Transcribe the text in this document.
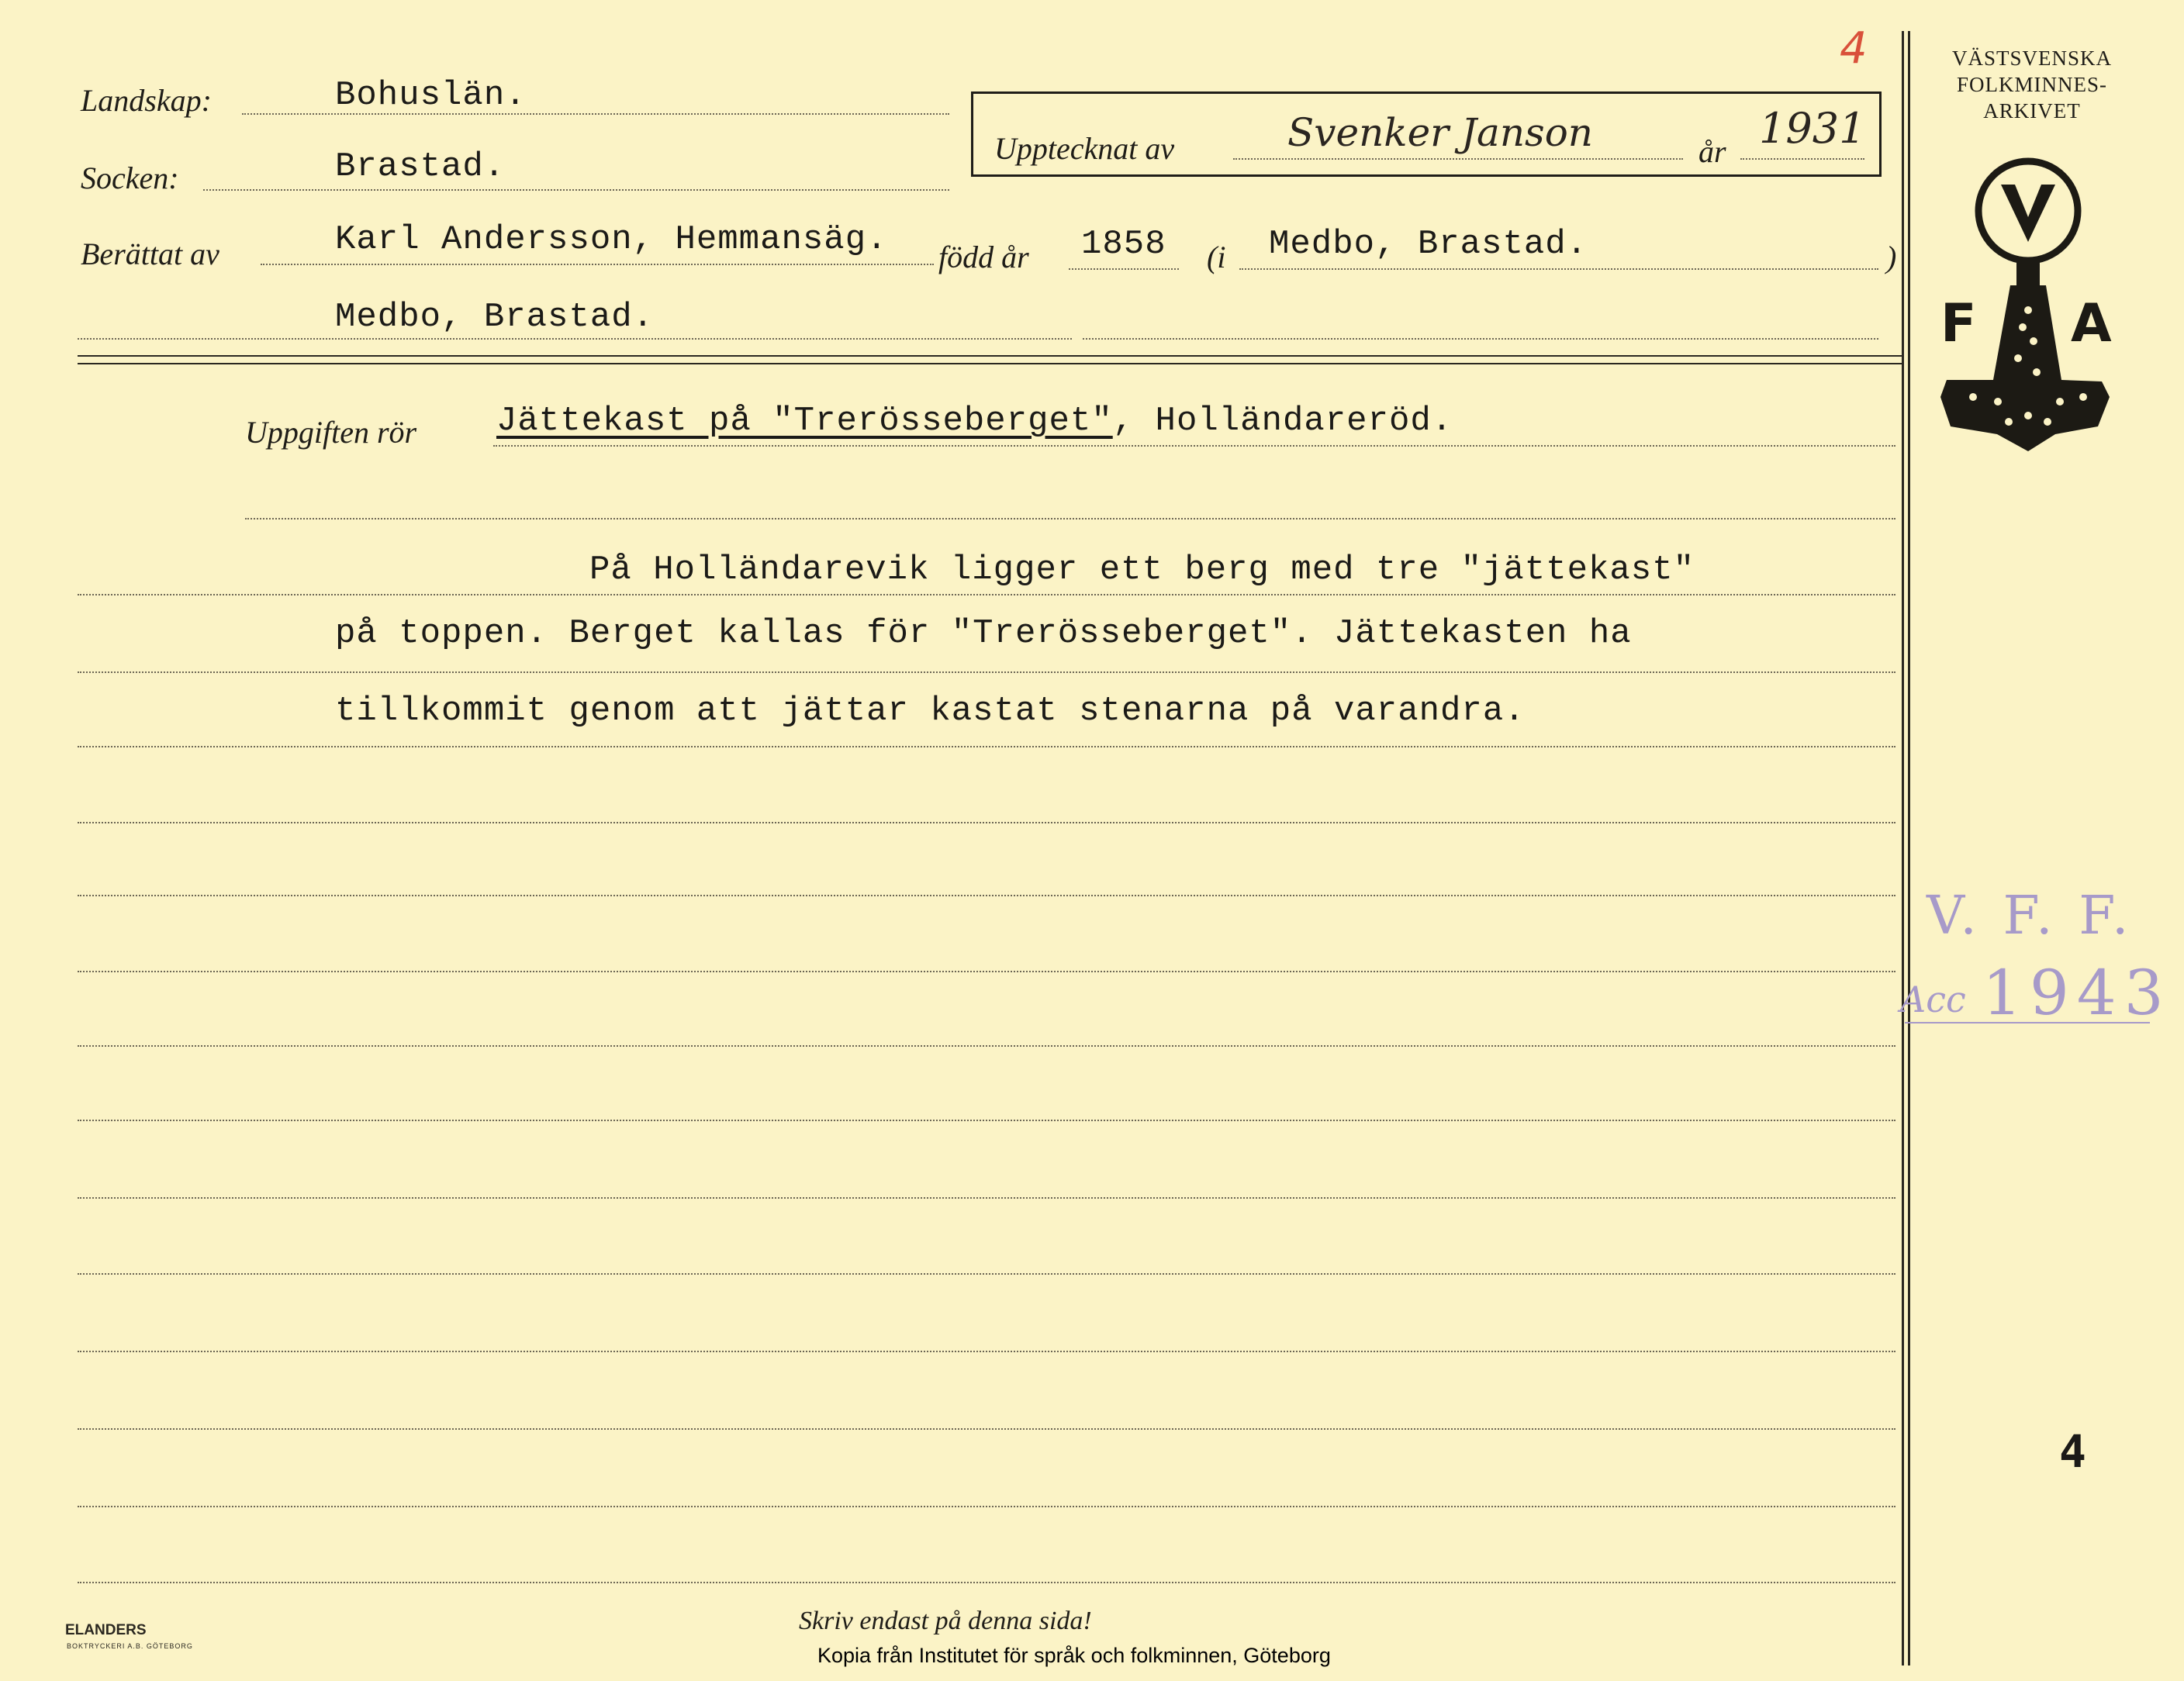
4
Landskap:	Bohuslän.
Socken:	Brastad.	Upptecknat av	Svenker Janson	år 1931
Berättat av	Karl Andersson, Hemmansäg. född år 1858 (i Medbo, Brastad.	)
Medbo, Brastad.
Uppgiften rör Jättekast på "Trerösseberget", Holländareröd.
På Holländarevik ligger ett berg med tre "jättekast"
på toppen. Berget kallas för "Trerösseberget". Jättekasten ha
tillkommit genom att jättar kastat stenarna på varandra.
VÄSTSVENSKA
FOLKMINNES-
ARKIVET
F A
V. F. F.
Acc 1943
4
Skriv endast på denna sida!
ELANDERS
BOKTRYCKERI A.B. GÖTEBORG	Kopia från Institutet för språk och folkminnen, Göteborg
